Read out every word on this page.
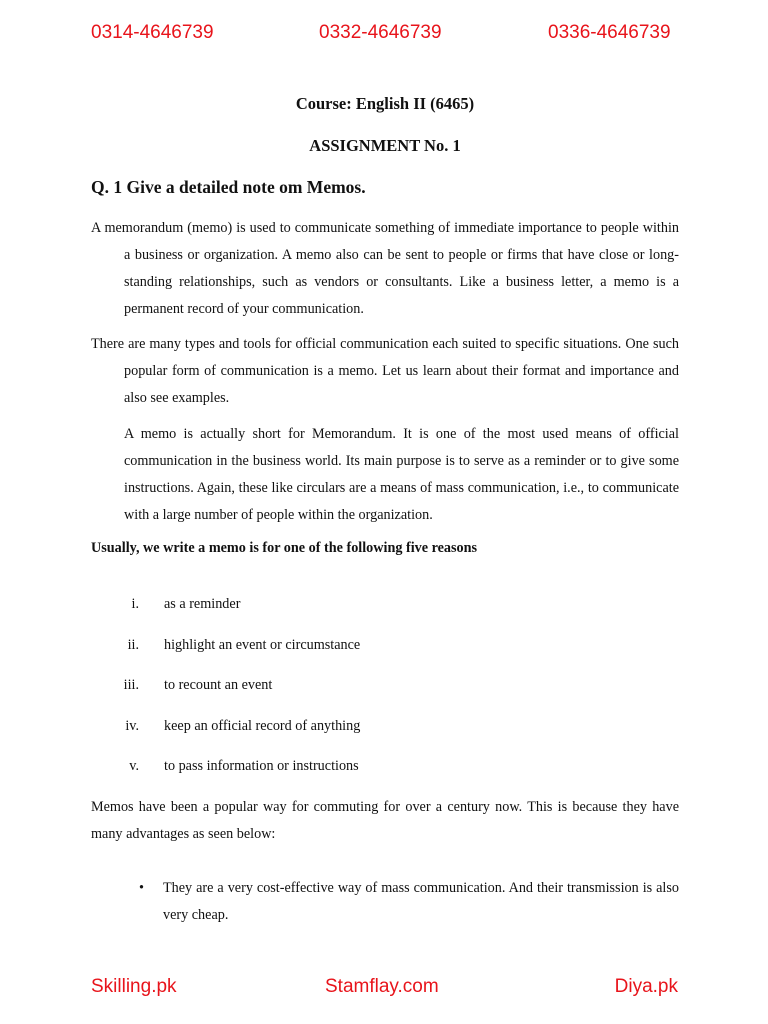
0314-4646739	0332-4646739	0336-4646739
Course: English II (6465)
ASSIGNMENT No. 1
Q. 1 Give a detailed note om Memos.
A memorandum (memo) is used to communicate something of immediate importance to people within a business or organization. A memo also can be sent to people or firms that have close or long-standing relationships, such as vendors or consultants. Like a business letter, a memo is a permanent record of your communication.
There are many types and tools for official communication each suited to specific situations. One such popular form of communication is a memo. Let us learn about their format and importance and also see examples.
A memo is actually short for Memorandum. It is one of the most used means of official communication in the business world. Its main purpose is to serve as a reminder or to give some instructions. Again, these like circulars are a means of mass communication, i.e., to communicate with a large number of people within the organization.
Usually, we write a memo is for one of the following five reasons
i. as a reminder
ii. highlight an event or circumstance
iii. to recount an event
iv. keep an official record of anything
v. to pass information or instructions
Memos have been a popular way for commuting for over a century now. This is because they have many advantages as seen below:
• They are a very cost-effective way of mass communication. And their transmission is also very cheap.
Skilling.pk	Stamflay.com	Diya.pk
